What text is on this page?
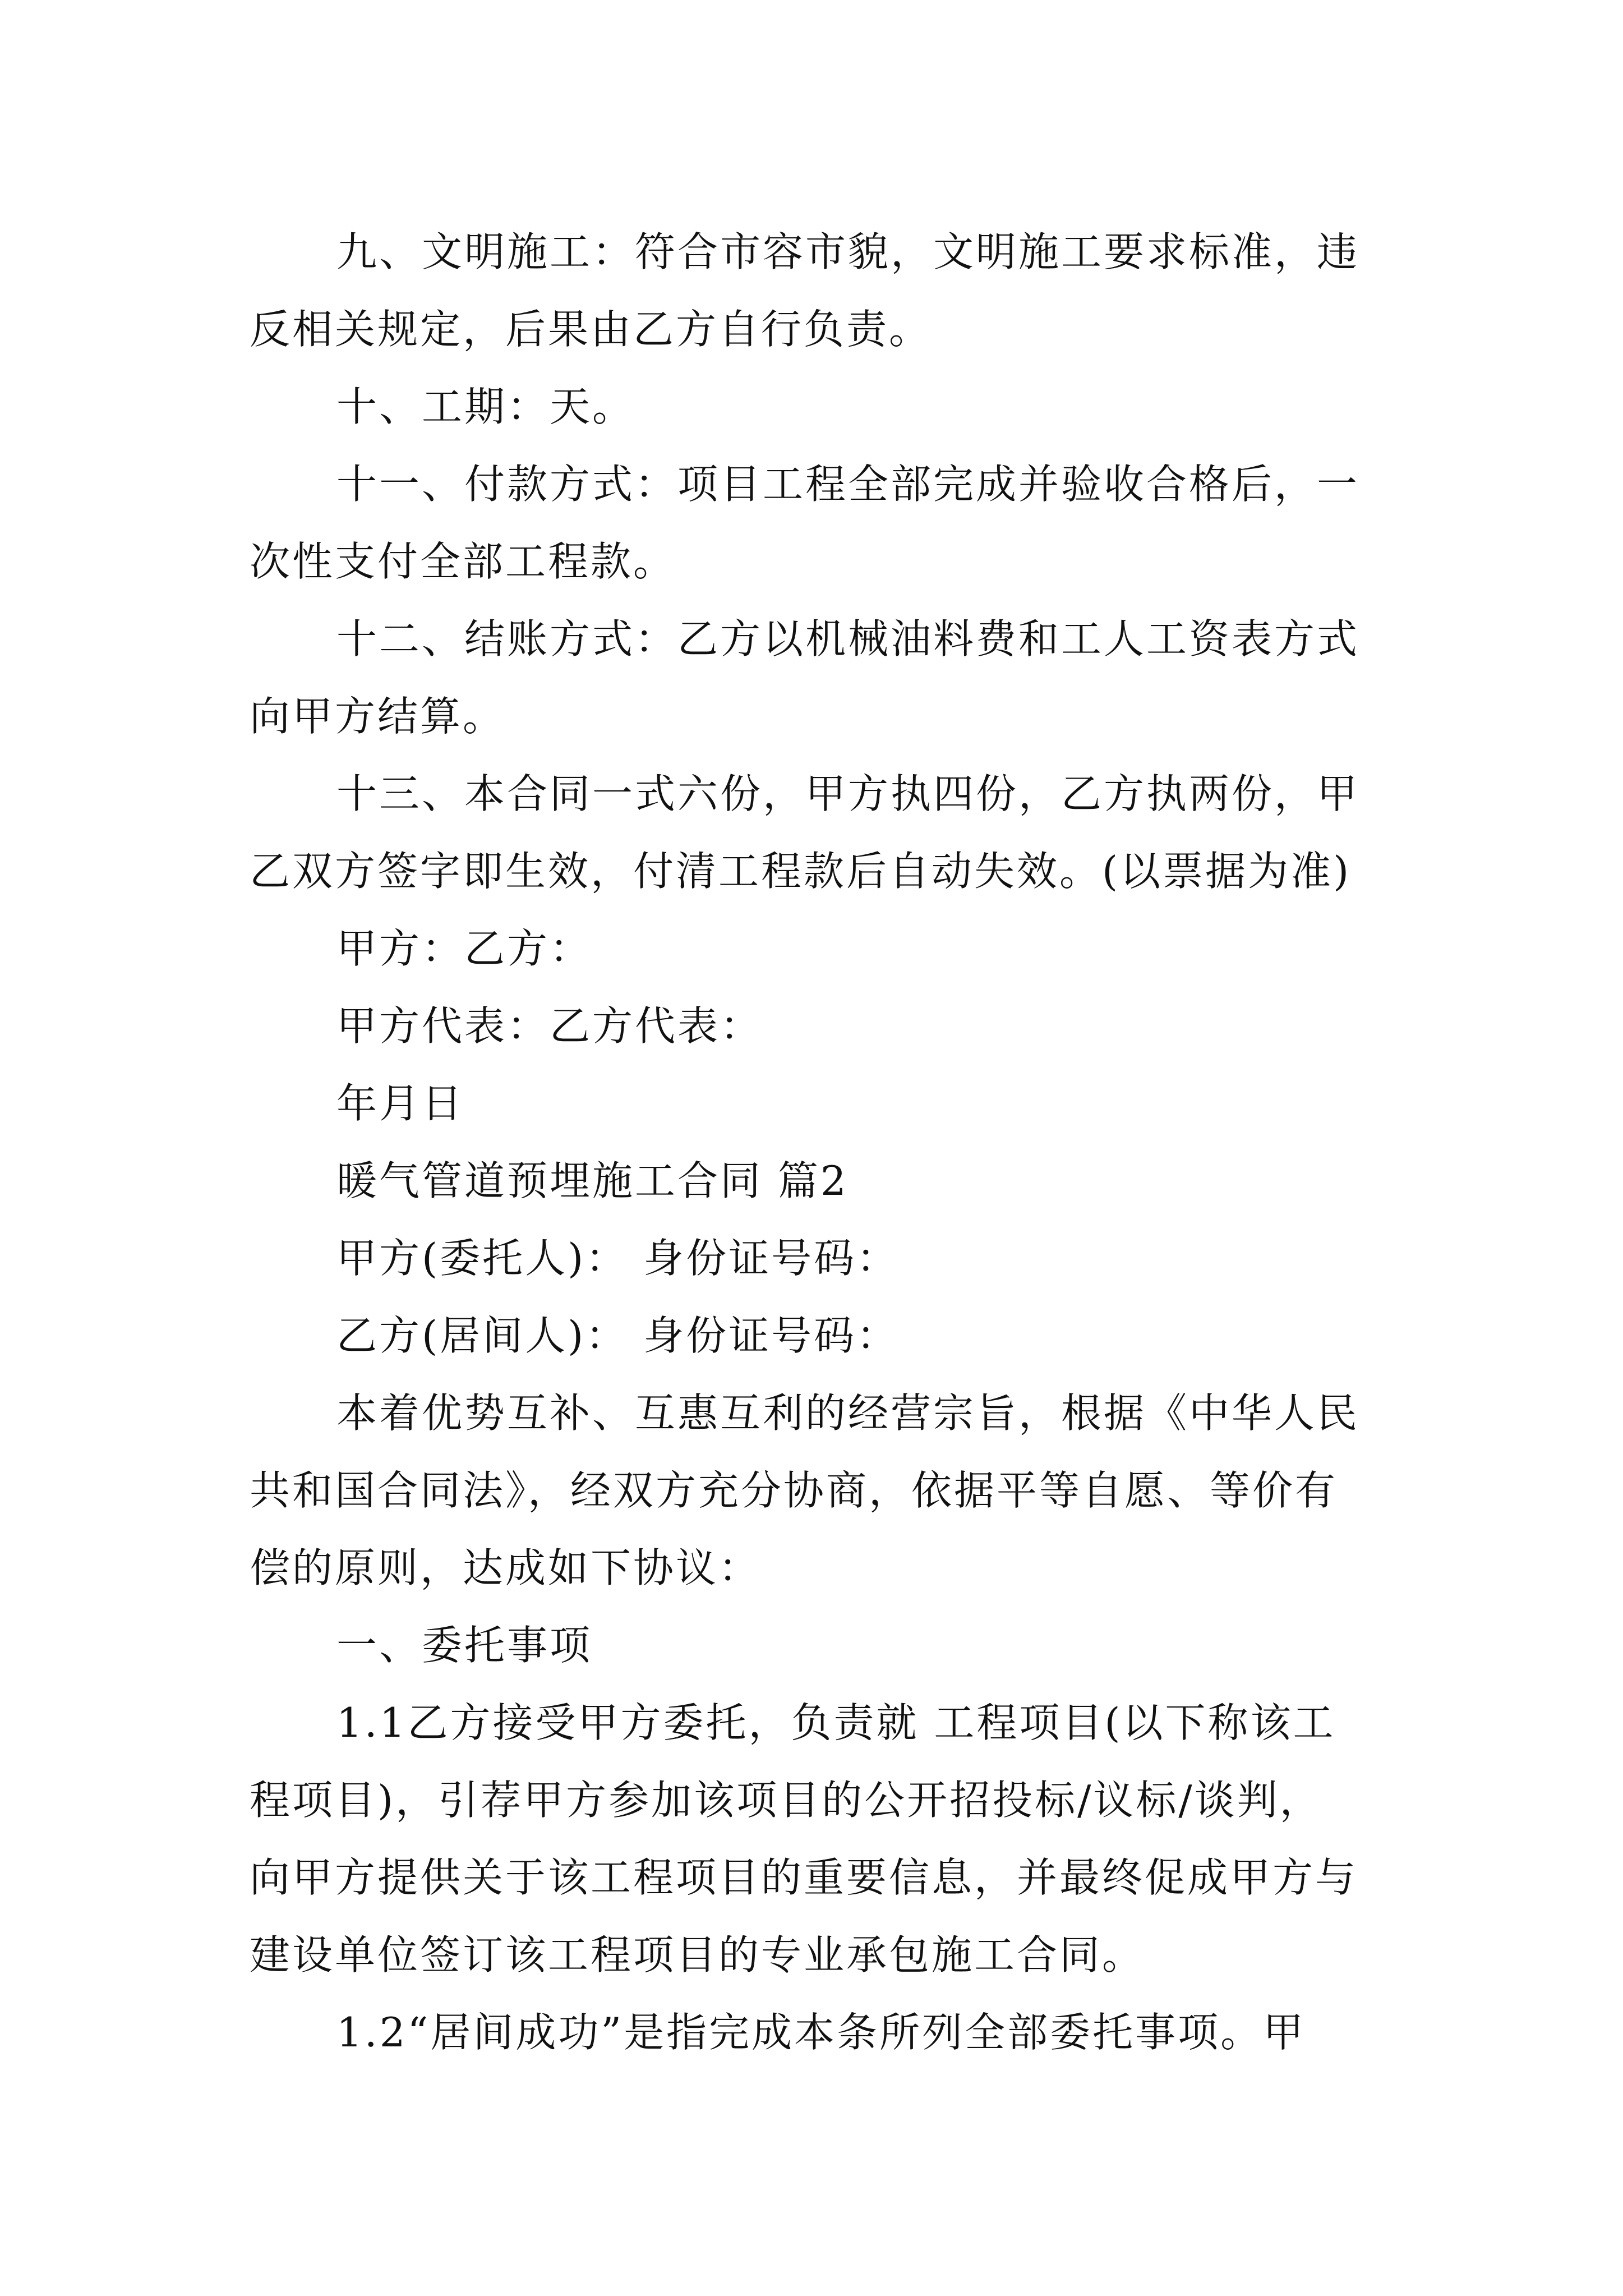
九、文明施工：符合市容市貌，文明施工要求标准，违
反相关规定，后果由乙方自行负责。
十、工期：天。
十一、付款方式：项目工程全部完成并验收合格后，一
次性支付全部工程款。
十二、结账方式：乙方以机械油料费和工人工资表方式
向甲方结算。
十三、本合同一式六份，甲方执四份，乙方执两份，甲
乙双方签字即生效，付清工程款后自动失效。(以票据为准)
甲方：乙方：
甲方代表：乙方代表：
年月日
暖气管道预埋施工合同 篇2
甲方(委托人)： 身份证号码：
乙方(居间人)： 身份证号码：
本着优势互补、互惠互利的经营宗旨，根据《中华人民
共和国合同法》，经双方充分协商，依据平等自愿、等价有
偿的原则，达成如下协议：
一、委托事项
1.1乙方接受甲方委托，负责就 工程项目(以下称该工
程项目)，引荐甲方参加该项目的公开招投标/议标/谈判，
向甲方提供关于该工程项目的重要信息，并最终促成甲方与
建设单位签订该工程项目的专业承包施工合同。
1.2“居间成功”是指完成本条所列全部委托事项。甲
